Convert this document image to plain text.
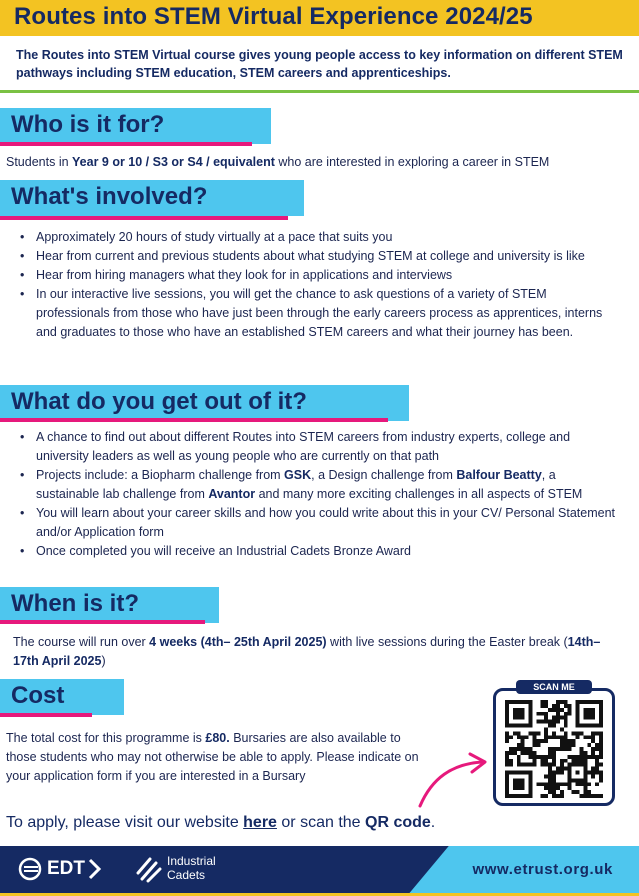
Routes into STEM Virtual Experience 2024/25

The Routes into STEM Virtual course gives young people access to key information on different STEM pathways including STEM education, STEM careers and apprenticeships.

Who is it for?
Students in Year 9 or 10 / S3 or S4 / equivalent who are interested in exploring a career in STEM
What's involved?
• Approximately 20 hours of study virtually at a pace that suits you
• Hear from current and previous students about what studying STEM at college and university is like
• Hear from hiring managers what they look for in applications and interviews
• In our interactive live sessions, you will get the chance to ask questions of a variety of STEM professionals from those who have just been through the early careers process as apprentices, interns and graduates to those who have an established STEM careers and what their journey has been.
What do you get out of it?
• A chance to find out about different Routes into STEM careers from industry experts, college and university leaders as well as young people who are currently on that path
• Projects include: a Biopharm challenge from GSK, a Design challenge from Balfour Beatty, a sustainable lab challenge from Avantor and many more exciting challenges in all aspects of STEM
• You will learn about your career skills and how you could write about this in your CV/ Personal Statement and/or Application form
• Once completed you will receive an Industrial Cadets Bronze Award
When is it?
The course will run over 4 weeks (4th– 25th April 2025) with live sessions during the Easter break (14th– 17th April 2025)
Cost
The total cost for this programme is £80. Bursaries are also available to those students who may not otherwise be able to apply. Please indicate on your application form if you are interested in a Bursary
SCAN ME
To apply, please visit our website here or scan the QR code.
EDT	Industrial
Cadets	www.etrust.org.uk
